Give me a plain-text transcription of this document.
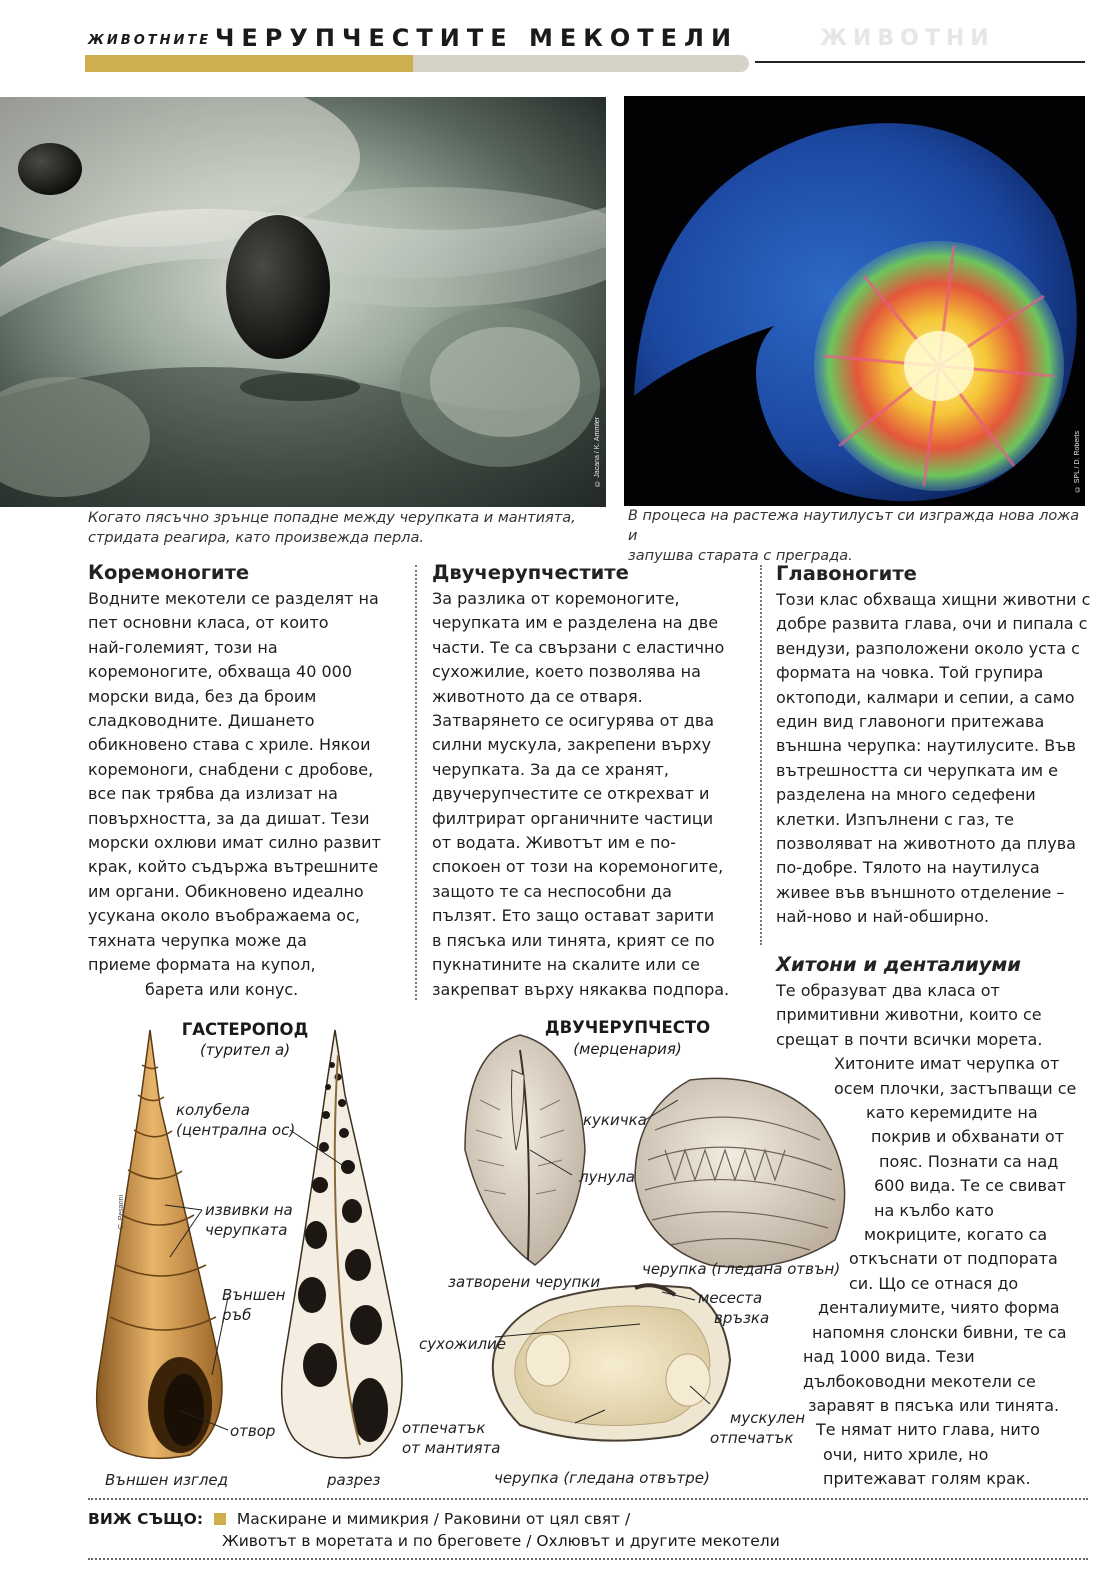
ЖИВОТНИТЕ ЧЕРУПЧЕСТИТЕ МЕКОТЕЛИ	ЖИВОТНИ
© Jacana / K. Ammler
Когато пясъчно зрънце попадне между черупката и мантията,
стридата реагира, като произвежда перла.
© SPL / D. Roberts
В процеса на растежа наутилусът си изгражда нова ложа и
запушва старата с преграда.
Коремоногите
Водните мекотели се разделят на
пет основни класа, от които
най-големият, този на
коремоногите, обхваща 40 000
морски вида, без да броим
сладководните. Дишането
обикновено става с хриле. Някои
коремоноги, снабдени с дробове,
все пак трябва да излизат на
повърхността, за да дишат. Тези
морски охлюви имат силно развит
крак, който съдържа вътрешните
им органи. Обикновено идеално
усукана около въображаема ос,
тяхната черупка може да
приеме формата на купол,
барета или конус.
Двучерупчестите
За разлика от коремоногите,
черупката им е разделена на две
части. Те са свързани с еластично
сухожилие, което позволява на
животното да се отваря.
Затварянето се осигурява от два
силни мускула, закрепени върху
черупката. За да се хранят,
двучерупчестите се открехват и
филтрират органичните частици
от водата. Животът им е по-
спокоен от този на коремоногите,
защото те са неспособни да
пълзят. Ето защо остават зарити
в пясъка или тинята, крият се по
пукнатините на скалите или се
закрепват върху някаква подпора.
Главоногите
Този клас обхваща хищни животни с
добре развита глава, очи и пипала с
вендузи, разположени около уста с
формата на човка. Той групира
октоподи, калмари и сепии, а само
един вид главоноги притежава
външна черупка: наутилусите. Във
вътрешността си черупката им е
разделена на много седефени
клетки. Изпълнени с газ, те
позволяват на животното да плува
по-добре. Тялото на наутилуса
живее във външното отделение –
най-ново и най-обширно.
Хитони и денталиуми
Те образуват два класа от
примитивни животни, които се
срещат в почти всички морета.
Хитоните имат черупка от
осем плочки, застъпващи се
като керемидите на
покрив и обхванати от
пояс. Познати са над
600 вида. Те се свиват
на кълбо като
мокриците, когато са
откъснати от подпората
си. Що се отнася до
денталиумите, чиято форма
напомня слонски бивни, те са
над 1000 вида. Тези
дълбоководни мекотели се
заравят в пясъка или тинята.
Те нямат нито глава, нито
очи, нито хриле, но
притежават голям крак.
ГАСТЕРОПОД
(турител а)
C. Pesarini
колубела
(централна ос)
извивки на
черупката
Външен
ръб
отвор
Външен изглед	разрез
ДВУЧЕРУПЧЕСТО
(мерценария)
кукичка
лунула
затворени черупки
черупка (гледана отвън)
месеста
връзка
сухожилие
отпечатък
от мантията
мускулен
отпечатък
черупка (гледана отвътре)
ВИЖ СЪЩО: Маскиране и мимикрия / Раковини от цял свят /
Животът в моретата и по бреговете / Охлювът и другите мекотели
